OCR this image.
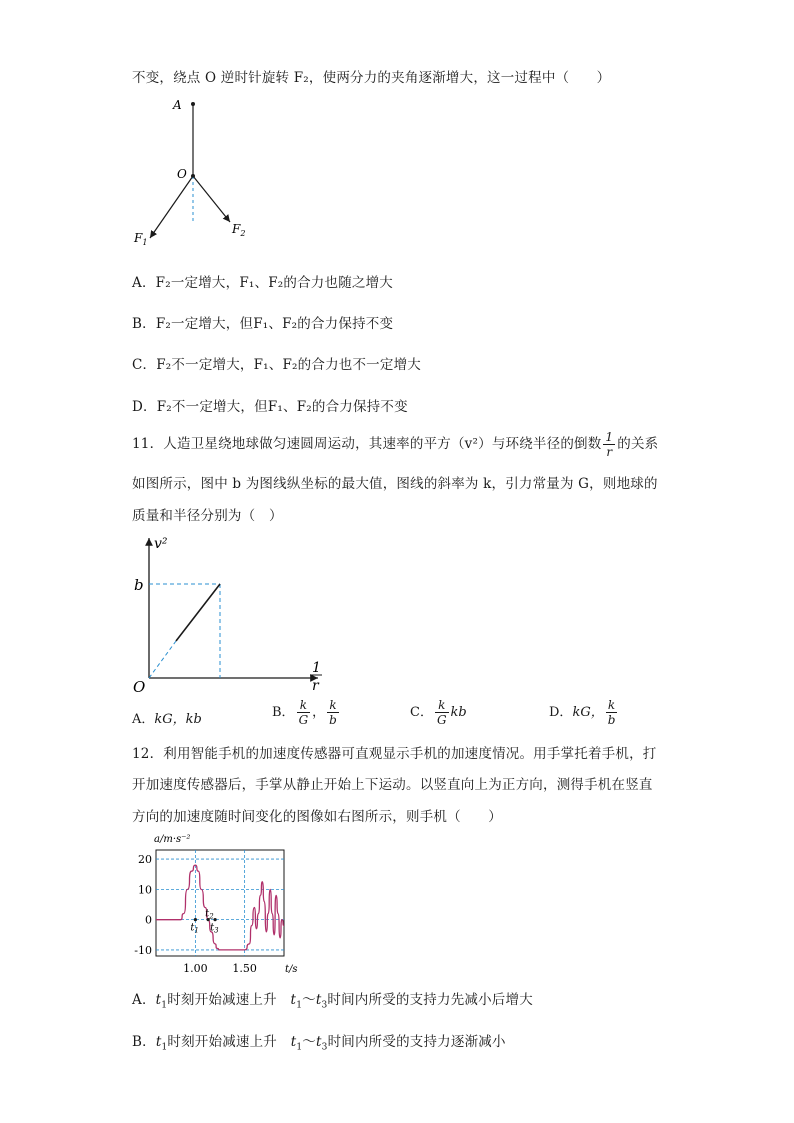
不变，绕点 O 逆时针旋转 F₂，使两分力的夹角逐渐增大，这一过程中（　　）
A
O
$F_1$
$F_2$
A．F₂一定增大，F₁、F₂的合力也随之增大
B．F₂一定增大，但F₁、F₂的合力保持不变
C．F₂不一定增大，F₁、F₂的合力也不一定增大
D．F₂不一定增大，但F₁、F₂的合力保持不变
11．人造卫星绕地球做匀速圆周运动，其速率的平方（v²）与环绕半径的倒数 $\frac{1}{r}$ 的关系
如图所示，图中 b 为图线纵坐标的最大值，图线的斜率为 k，引力常量为 G，则地球的
质量和半径分别为（　）
v²
b
O
1
r
A．kG，kb	B． $\frac{k}{G}$ ， $\frac{k}{b}$	C． $\frac{k}{G}$ kb	D．kG， $\frac{k}{b}$
12．利用智能手机的加速度传感器可直观显示手机的加速度情况。用手掌托着手机，打
开加速度传感器后，手掌从静止开始上下运动。以竖直向上为正方向，测得手机在竖直
方向的加速度随时间变化的图像如右图所示，则手机（　　）
20
10
0
-10
1.00 1.50
a/m·s⁻²
t/s
$t_1$
$t_2$
$t_3$
A．$t_1$时刻开始减速上升　$t_1\sim t_3$时间内所受的支持力先减小后增大
B．$t_1$时刻开始减速上升　$t_1\sim t_3$时间内所受的支持力逐渐减小
